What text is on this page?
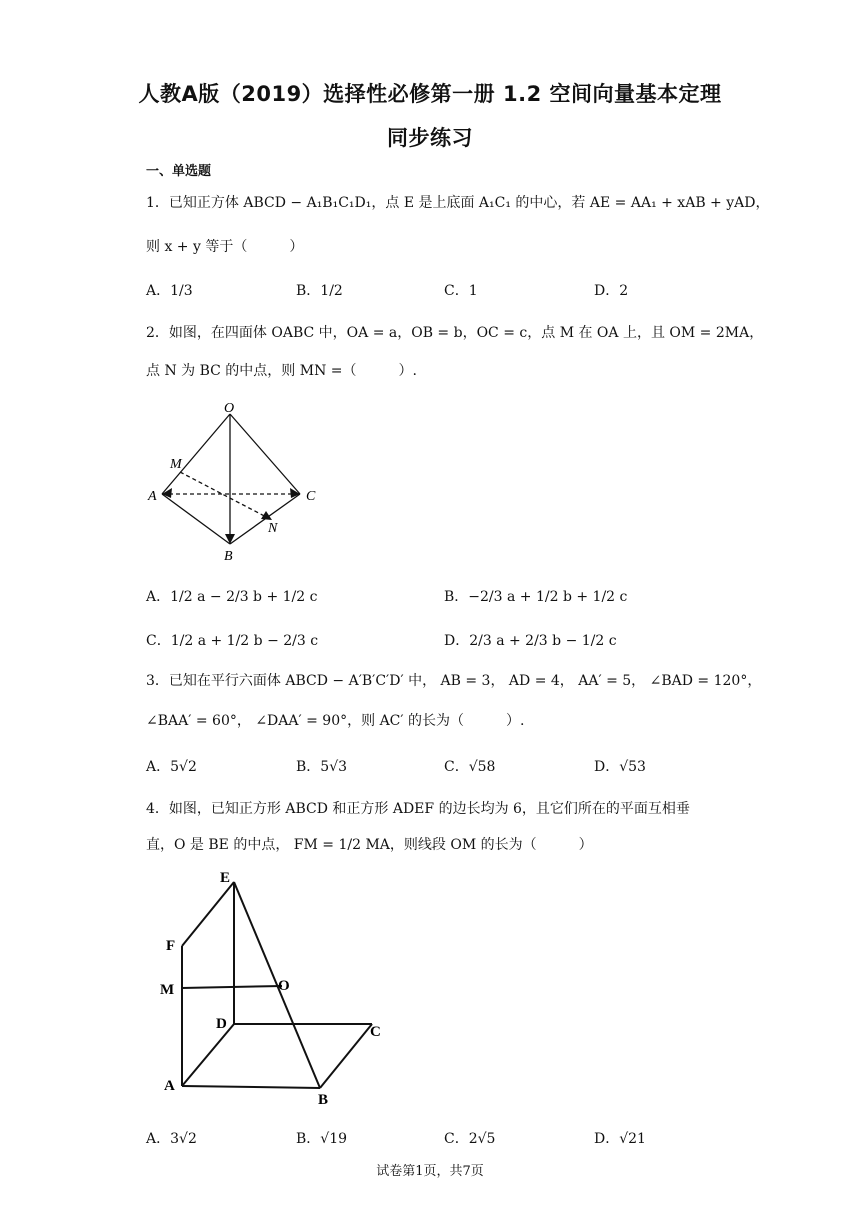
人教A版（2019）选择性必修第一册 1.2 空间向量基本定理
同步练习
一、单选题
1．已知正方体 ABCD − A₁B₁C₁D₁，点 E 是上底面 A₁C₁ 的中心，若 AE = AA₁ + xAB + yAD，
则 x + y 等于（　　　）
A．1/3	B．1/2	C．1	D．2
2．如图，在四面体 OABC 中，OA = a，OB = b，OC = c，点 M 在 OA 上，且 OM = 2MA，
点 N 为 BC 的中点，则 MN =（　　　）.
O
M
A	C
N
B
A．1/2 a − 2/3 b + 1/2 c	B．−2/3 a + 1/2 b + 1/2 c
C．1/2 a + 1/2 b − 2/3 c	D．2/3 a + 2/3 b − 1/2 c
3．已知在平行六面体 ABCD − A′B′C′D′ 中， AB = 3， AD = 4， AA′ = 5， ∠BAD = 120°，
∠BAA′ = 60°， ∠DAA′ = 90°，则 AC′ 的长为（　　　）.
A．5√2	B．5√3	C．√58	D．√53
4．如图，已知正方形 ABCD 和正方形 ADEF 的边长均为 6，且它们所在的平面互相垂
直，O 是 BE 的中点， FM = 1/2 MA，则线段 OM 的长为（　　　）
E
F
M	O
D	C
A
B
A．3√2	B．√19	C．2√5	D．√21
试卷第1页，共7页
